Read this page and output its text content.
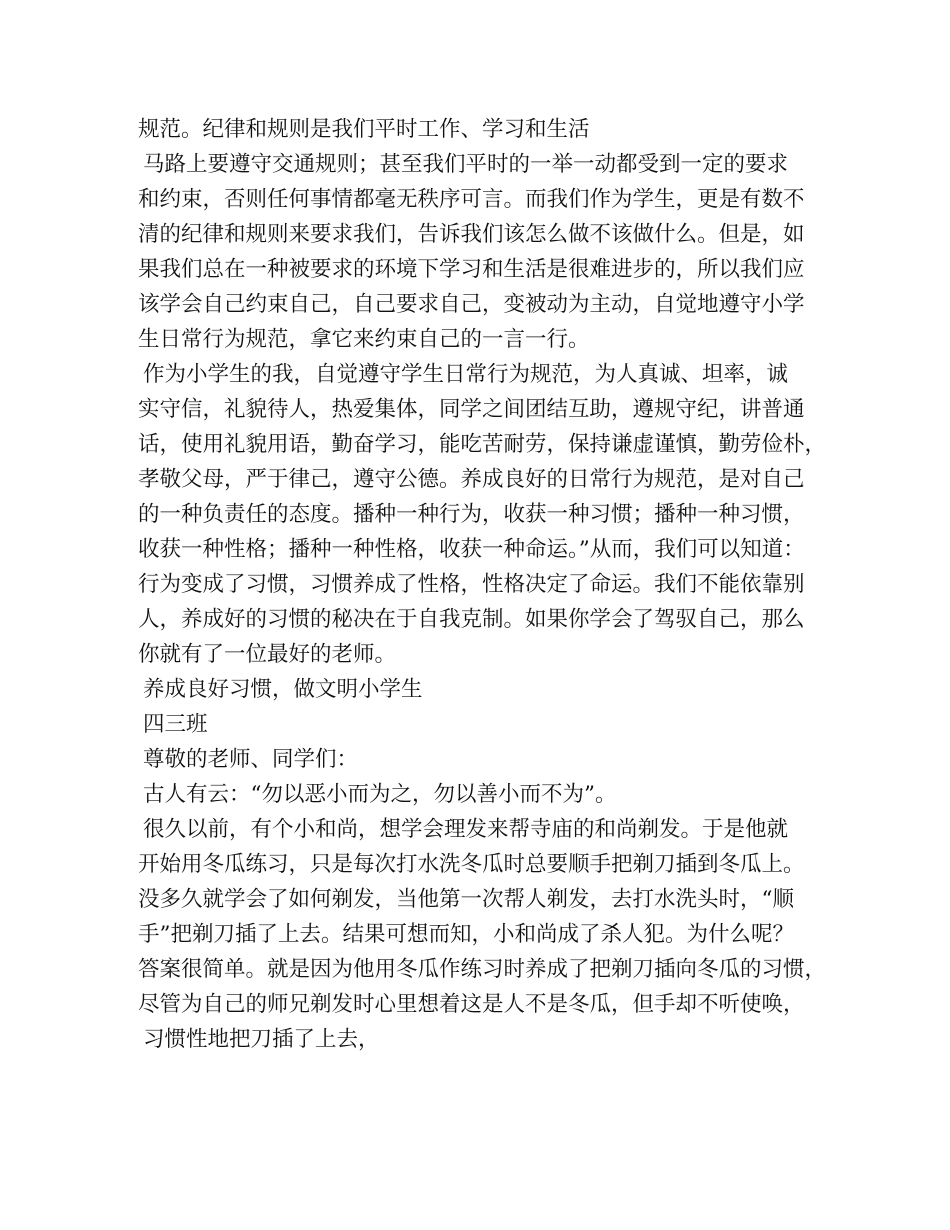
规范。纪律和规则是我们平时工作、学习和生活
马路上要遵守交通规则；甚至我们平时的一举一动都受到一定的要求
和约束，否则任何事情都毫无秩序可言。而我们作为学生，更是有数不
清的纪律和规则来要求我们，告诉我们该怎么做不该做什么。但是，如
果我们总在一种被要求的环境下学习和生活是很难进步的，所以我们应
该学会自己约束自己，自己要求自己，变被动为主动，自觉地遵守小学
生日常行为规范，拿它来约束自己的一言一行。
作为小学生的我，自觉遵守学生日常行为规范，为人真诚、坦率，诚
实守信，礼貌待人，热爱集体，同学之间团结互助，遵规守纪，讲普通
话，使用礼貌用语，勤奋学习，能吃苦耐劳，保持谦虚谨慎，勤劳俭朴，
孝敬父母，严于律己，遵守公德。养成良好的日常行为规范，是对自己
的一种负责任的态度。播种一种行为，收获一种习惯；播种一种习惯，
收获一种性格；播种一种性格，收获一种命运。”从而，我们可以知道：
行为变成了习惯，习惯养成了性格，性格决定了命运。我们不能依靠别
人，养成好的习惯的秘决在于自我克制。如果你学会了驾驭自己，那么
你就有了一位最好的老师。
养成良好习惯，做文明小学生
四三班
尊敬的老师、同学们：
古人有云：“勿以恶小而为之，勿以善小而不为”。
很久以前，有个小和尚，想学会理发来帮寺庙的和尚剃发。于是他就
开始用冬瓜练习，只是每次打水洗冬瓜时总要顺手把剃刀插到冬瓜上。
没多久就学会了如何剃发，当他第一次帮人剃发，去打水洗头时，“顺
手”把剃刀插了上去。结果可想而知，小和尚成了杀人犯。为什么呢？
答案很简单。就是因为他用冬瓜作练习时养成了把剃刀插向冬瓜的习惯，
尽管为自己的师兄剃发时心里想着这是人不是冬瓜，但手却不听使唤，
习惯性地把刀插了上去，
